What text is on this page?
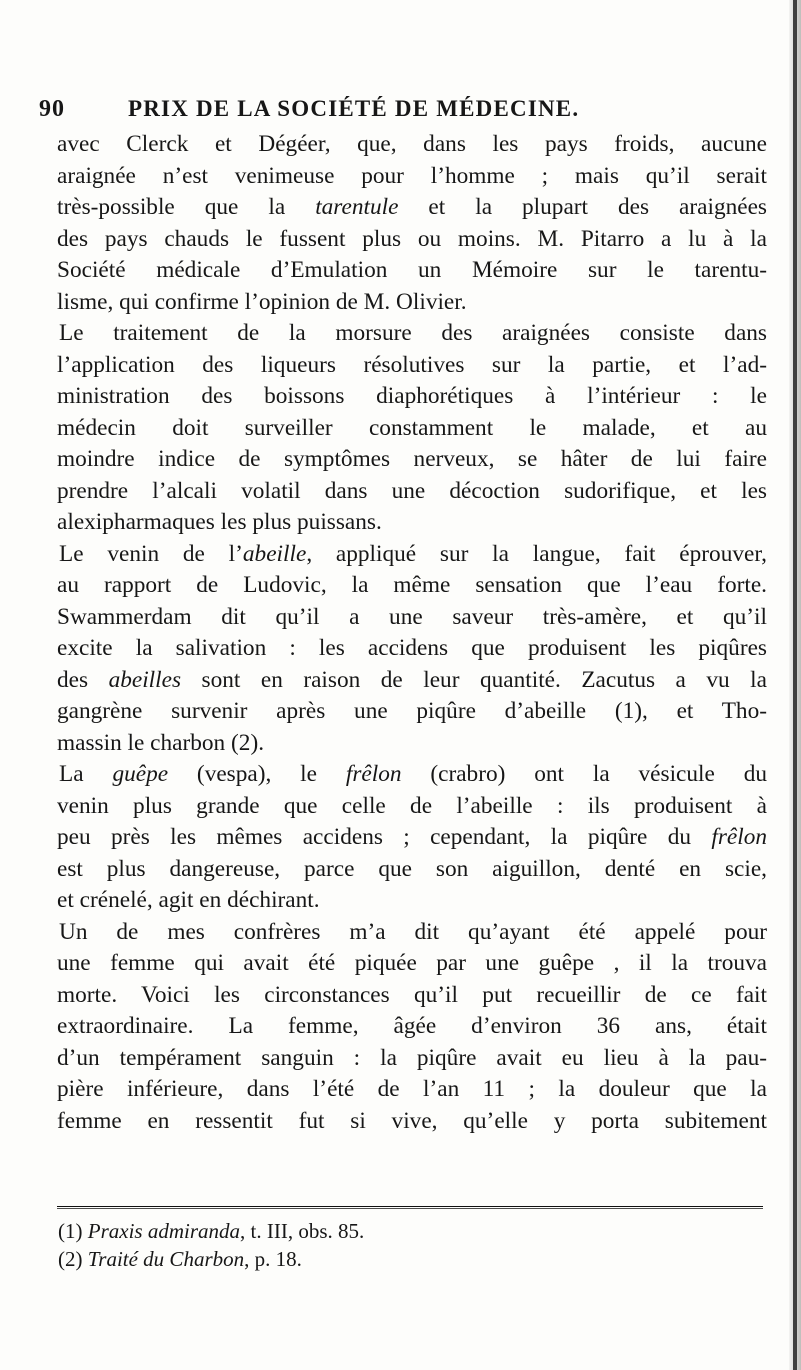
90	PRIX DE LA SOCIÉTÉ DE MÉDECINE.
avec Clerck et Dégéer, que, dans les pays froids, aucune
araignée n’est venimeuse pour l’homme ; mais qu’il serait
très-possible que la tarentule et la plupart des araignées
des pays chauds le fussent plus ou moins. M. Pitarro a lu à la
Société médicale d’Emulation un Mémoire sur le tarentu-
lisme, qui confirme l’opinion de M. Olivier.
Le traitement de la morsure des araignées consiste dans
l’application des liqueurs résolutives sur la partie, et l’ad-
ministration des boissons diaphorétiques à l’intérieur : le
médecin doit surveiller constamment le malade, et au
moindre indice de symptômes nerveux, se hâter de lui faire
prendre l’alcali volatil dans une décoction sudorifique, et les
alexipharmaques les plus puissans.
Le venin de l’abeille, appliqué sur la langue, fait éprouver,
au rapport de Ludovic, la même sensation que l’eau forte.
Swammerdam dit qu’il a une saveur très-amère, et qu’il
excite la salivation : les accidens que produisent les piqûres
des abeilles sont en raison de leur quantité. Zacutus a vu la
gangrène survenir après une piqûre d’abeille (1), et Tho-
massin le charbon (2).
La guêpe (vespa), le frêlon (crabro) ont la vésicule du
venin plus grande que celle de l’abeille : ils produisent à
peu près les mêmes accidens ; cependant, la piqûre du frêlon
est plus dangereuse, parce que son aiguillon, denté en scie,
et crénelé, agit en déchirant.
Un de mes confrères m’a dit qu’ayant été appelé pour
une femme qui avait été piquée par une guêpe , il la trouva
morte. Voici les circonstances qu’il put recueillir de ce fait
extraordinaire. La femme, âgée d’environ 36 ans, était
d’un tempérament sanguin : la piqûre avait eu lieu à la pau-
pière inférieure, dans l’été de l’an 11 ; la douleur que la
femme en ressentit fut si vive, qu’elle y porta subitement
(1) Praxis admiranda, t. III, obs. 85.
(2) Traité du Charbon, p. 18.
